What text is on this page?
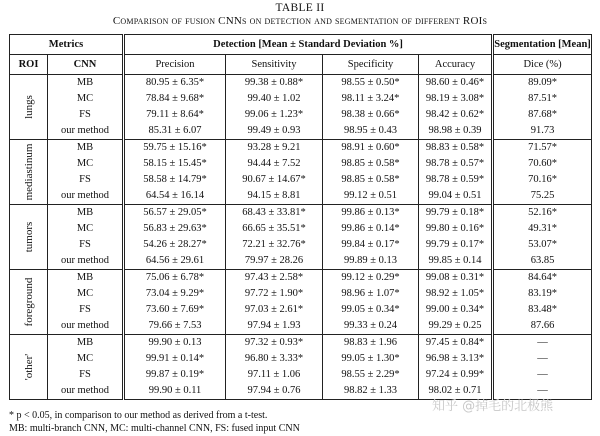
TABLE II
Comparison of fusion CNNs on detection and segmentation of different ROIs
Metrics		Detection [Mean ± Standard Deviation %]				Segmentation [Mean]
ROI	CNN	Precision	Sensitivity	Specificity	Accuracy	Dice (%)

lungs	MB	80.95 ± 6.35*	99.38 ± 0.88*	98.55 ± 0.50*	98.60 ± 0.46*	89.09*
	MC	78.84 ± 9.68*	99.40 ± 1.02	98.11 ± 3.24*	98.19 ± 3.08*	87.51*
	FS	79.11 ± 8.64*	99.06 ± 1.23*	98.38 ± 0.66*	98.42 ± 0.62*	87.68*
	our method	85.31 ± 6.07	99.49 ± 0.93	98.95 ± 0.43	98.98 ± 0.39	91.73

mediastinum	MB	59.75 ± 15.16*	93.28 ± 9.21	98.91 ± 0.60*	98.83 ± 0.58*	71.57*
	MC	58.15 ± 15.45*	94.44 ± 7.52	98.85 ± 0.58*	98.78 ± 0.57*	70.60*
	FS	58.58 ± 14.79*	90.67 ± 14.67*	98.85 ± 0.58*	98.78 ± 0.59*	70.16*
	our method	64.54 ± 16.14	94.15 ± 8.81	99.12 ± 0.51	99.04 ± 0.51	75.25

tumors	MB	56.57 ± 29.05*	68.43 ± 33.81*	99.86 ± 0.13*	99.79 ± 0.18*	52.16*
	MC	56.83 ± 29.63*	66.65 ± 35.51*	99.86 ± 0.14*	99.80 ± 0.16*	49.31*
	FS	54.26 ± 28.27*	72.21 ± 32.76*	99.84 ± 0.17*	99.79 ± 0.17*	53.07*
	our method	64.56 ± 29.61	79.97 ± 28.26	99.89 ± 0.13	99.85 ± 0.14	63.85

foreground	MB	75.06 ± 6.78*	97.43 ± 2.58*	99.12 ± 0.29*	99.08 ± 0.31*	84.64*
	MC	73.04 ± 9.29*	97.72 ± 1.90*	98.96 ± 1.07*	98.92 ± 1.05*	83.19*
	FS	73.60 ± 7.69*	97.03 ± 2.61*	99.05 ± 0.34*	99.00 ± 0.34*	83.48*
	our method	79.66 ± 7.53	97.94 ± 1.93	99.33 ± 0.24	99.29 ± 0.25	87.66

'other'	MB	99.90 ± 0.13	97.32 ± 0.93*	98.83 ± 1.96	97.45 ± 0.84*	—
	MC	99.91 ± 0.14*	96.80 ± 3.33*	99.05 ± 1.30*	96.98 ± 3.13*	—
	FS	99.87 ± 0.19*	97.11 ± 1.06	98.55 ± 2.29*	97.24 ± 0.99*	—
	our method	99.90 ± 0.11	97.94 ± 0.76	98.82 ± 1.33	98.02 ± 0.71	—
* p < 0.05, in comparison to our method as derived from a t-test.
MB: multi-branch CNN, MC: multi-channel CNN, FS: fused input CNN
知乎 @掉毛的北极熊
